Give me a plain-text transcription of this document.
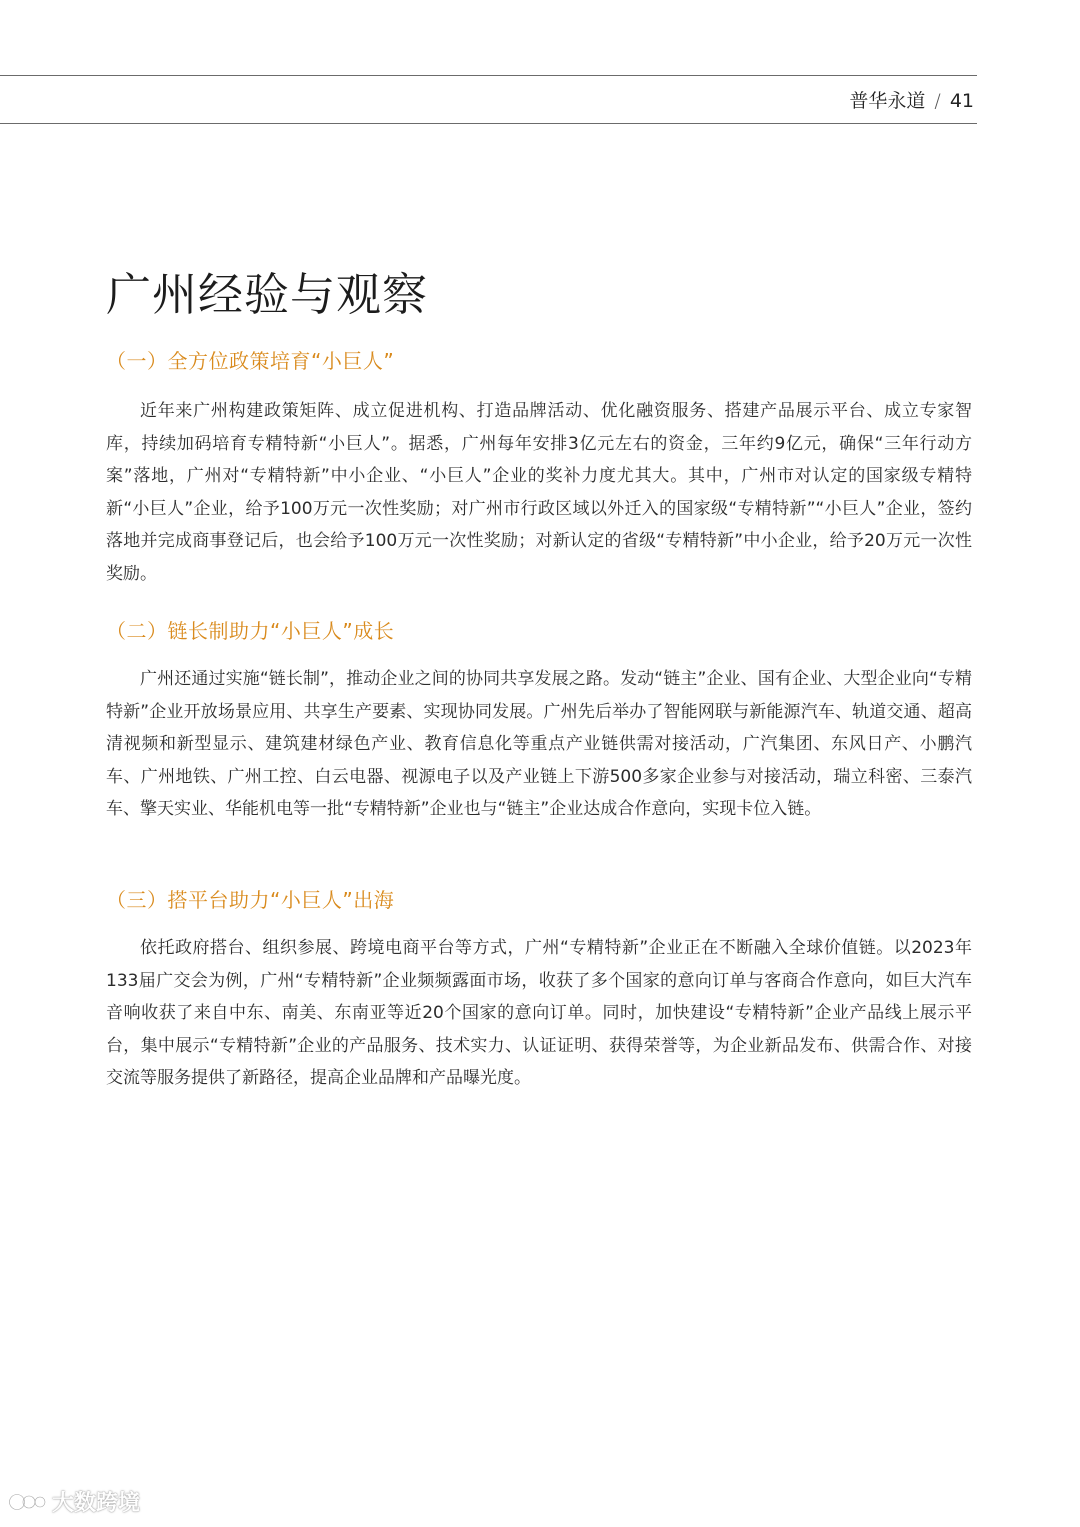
普华永道 / 41
广州经验与观察
（一）全方位政策培育“小巨人”

近年来广州构建政策矩阵、成立促进机构、打造品牌活动、优化融资服务、搭建产品展示平台、成立专家智库，持续加码培育专精特新“小巨人”。据悉，广州每年安排3亿元左右的资金，三年约9亿元，确保“三年行动方案”落地，广州对“专精特新”中小企业、“小巨人”企业的奖补力度尤其大。其中，广州市对认定的国家级专精特新“小巨人”企业，给予100万元一次性奖励；对广州市行政区域以外迁入的国家级“专精特新”“小巨人”企业，签约落地并完成商事登记后，也会给予100万元一次性奖励；对新认定的省级“专精特新”中小企业，给予20万元一次性奖励。

（二）链长制助力“小巨人”成长

广州还通过实施“链长制”，推动企业之间的协同共享发展之路。发动“链主”企业、国有企业、大型企业向“专精特新”企业开放场景应用、共享生产要素、实现协同发展。广州先后举办了智能网联与新能源汽车、轨道交通、超高清视频和新型显示、建筑建材绿色产业、教育信息化等重点产业链供需对接活动，广汽集团、东风日产、小鹏汽车、广州地铁、广州工控、白云电器、视源电子以及产业链上下游500多家企业参与对接活动，瑞立科密、三泰汽车、擎天实业、华能机电等一批“专精特新”企业也与“链主”企业达成合作意向，实现卡位入链。

（三）搭平台助力“小巨人”出海

依托政府搭台、组织参展、跨境电商平台等方式，广州“专精特新”企业正在不断融入全球价值链。以2023年133届广交会为例，广州“专精特新”企业频频露面市场，收获了多个国家的意向订单与客商合作意向，如巨大汽车音响收获了来自中东、南美、东南亚等近20个国家的意向订单。同时，加快建设“专精特新”企业产品线上展示平台，集中展示“专精特新”企业的产品服务、技术实力、认证证明、获得荣誉等，为企业新品发布、供需合作、对接交流等服务提供了新路径，提高企业品牌和产品曝光度。

大数跨境
